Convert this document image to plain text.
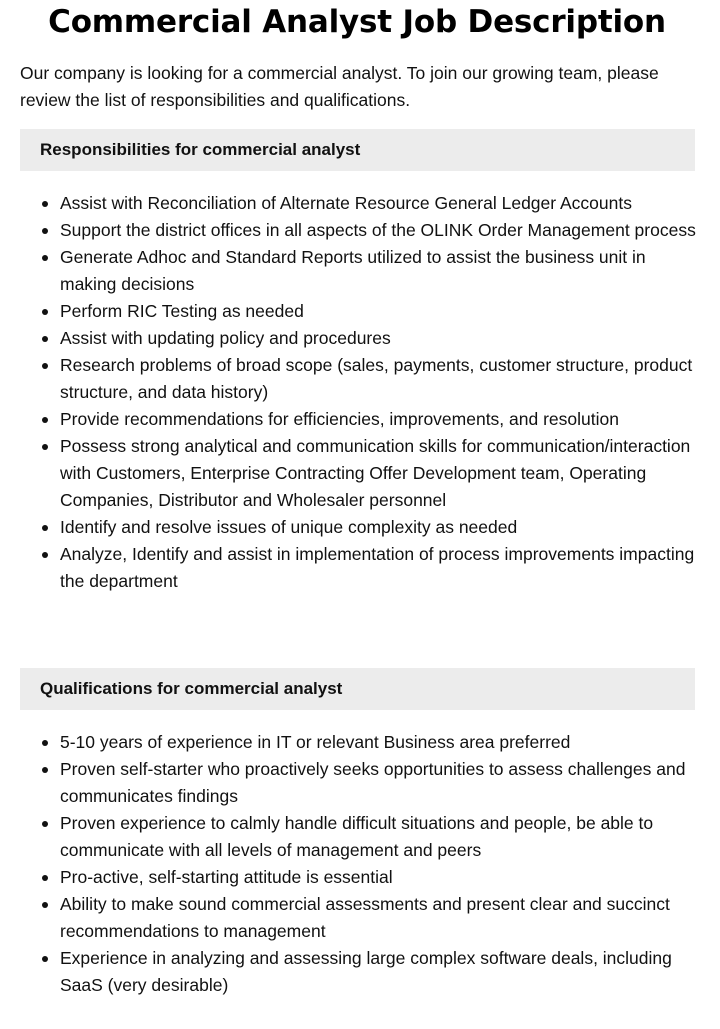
Commercial Analyst Job Description

Our company is looking for a commercial analyst. To join our growing team, please review the list of responsibilities and qualifications.

Responsibilities for commercial analyst
Assist with Reconciliation of Alternate Resource General Ledger Accounts
Support the district offices in all aspects of the OLINK Order Management process
Generate Adhoc and Standard Reports utilized to assist the business unit in making decisions
Perform RIC Testing as needed
Assist with updating policy and procedures
Research problems of broad scope (sales, payments, customer structure, product structure, and data history)
Provide recommendations for efficiencies, improvements, and resolution
Possess strong analytical and communication skills for communication/interaction with Customers, Enterprise Contracting Offer Development team, Operating Companies, Distributor and Wholesaler personnel
Identify and resolve issues of unique complexity as needed
Analyze, Identify and assist in implementation of process improvements impacting the department
Qualifications for commercial analyst
5-10 years of experience in IT or relevant Business area preferred
Proven self-starter who proactively seeks opportunities to assess challenges and communicates findings
Proven experience to calmly handle difficult situations and people, be able to communicate with all levels of management and peers
Pro-active, self-starting attitude is essential
Ability to make sound commercial assessments and present clear and succinct recommendations to management
Experience in analyzing and assessing large complex software deals, including SaaS (very desirable)
